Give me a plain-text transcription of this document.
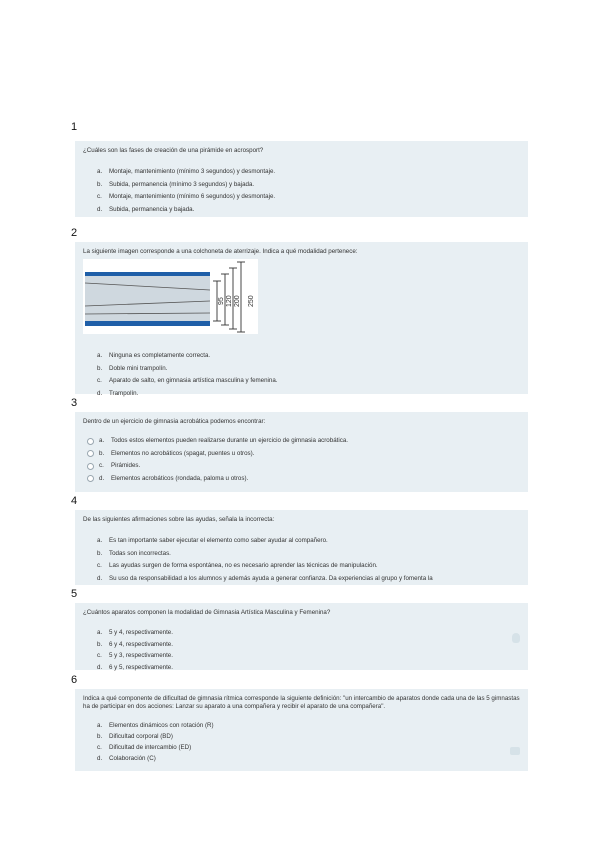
1
¿Cuáles son las fases de creación de una pirámide en acrosport?
a.	Montaje, mantenimiento (mínimo 3 segundos) y desmontaje.
b.	Subida, permanencia (mínimo 3 segundos) y bajada.
c.	Montaje, mantenimiento (mínimo 6 segundos) y desmontaje.
d.	Subida, permanencia y bajada.
2
La siguiente imagen corresponde a una colchoneta de aterrizaje. Indica a qué modalidad pertenece:
95 120 200 250
a.	Ninguna es completamente correcta.
b.	Doble mini trampolín.
c.	Aparato de salto, en gimnasia artística masculina y femenina.
d.	Trampolín.
3
Dentro de un ejercicio de gimnasia acrobática podemos encontrar:
a.	Todos estos elementos pueden realizarse durante un ejercicio de gimnasia acrobática.
b.	Elementos no acrobáticos (spagat, puentes u otros).
c.	Pirámides.
d.	Elementos acrobáticos (rondada, paloma u otros).
4
De las siguientes afirmaciones sobre las ayudas, señala la incorrecta:
a.	Es tan importante saber ejecutar el elemento como saber ayudar al compañero.
b.	Todas son incorrectas.
c.	Las ayudas surgen de forma espontánea, no es necesario aprender las técnicas de manipulación.
d.	Su uso da responsabilidad a los alumnos y además ayuda a generar confianza. Da experiencias al grupo y fomenta la
5
¿Cuántos aparatos componen la modalidad de Gimnasia Artística Masculina y Femenina?
a.	5 y 4, respectivamente.
b.	6 y 4, respectivamente.
c.	5 y 3, respectivamente.
d.	6 y 5, respectivamente.
6
Indica a qué componente de dificultad de gimnasia rítmica corresponde la siguiente definición: "un intercambio de aparatos donde cada una de las 5 gimnastas ha de participar en dos acciones: Lanzar su aparato a una compañera y recibir el aparato de una compañera".
a.	Elementos dinámicos con rotación (R)
b.	Dificultad corporal (BD)
c.	Dificultad de intercambio (ED)
d.	Colaboración (C)
